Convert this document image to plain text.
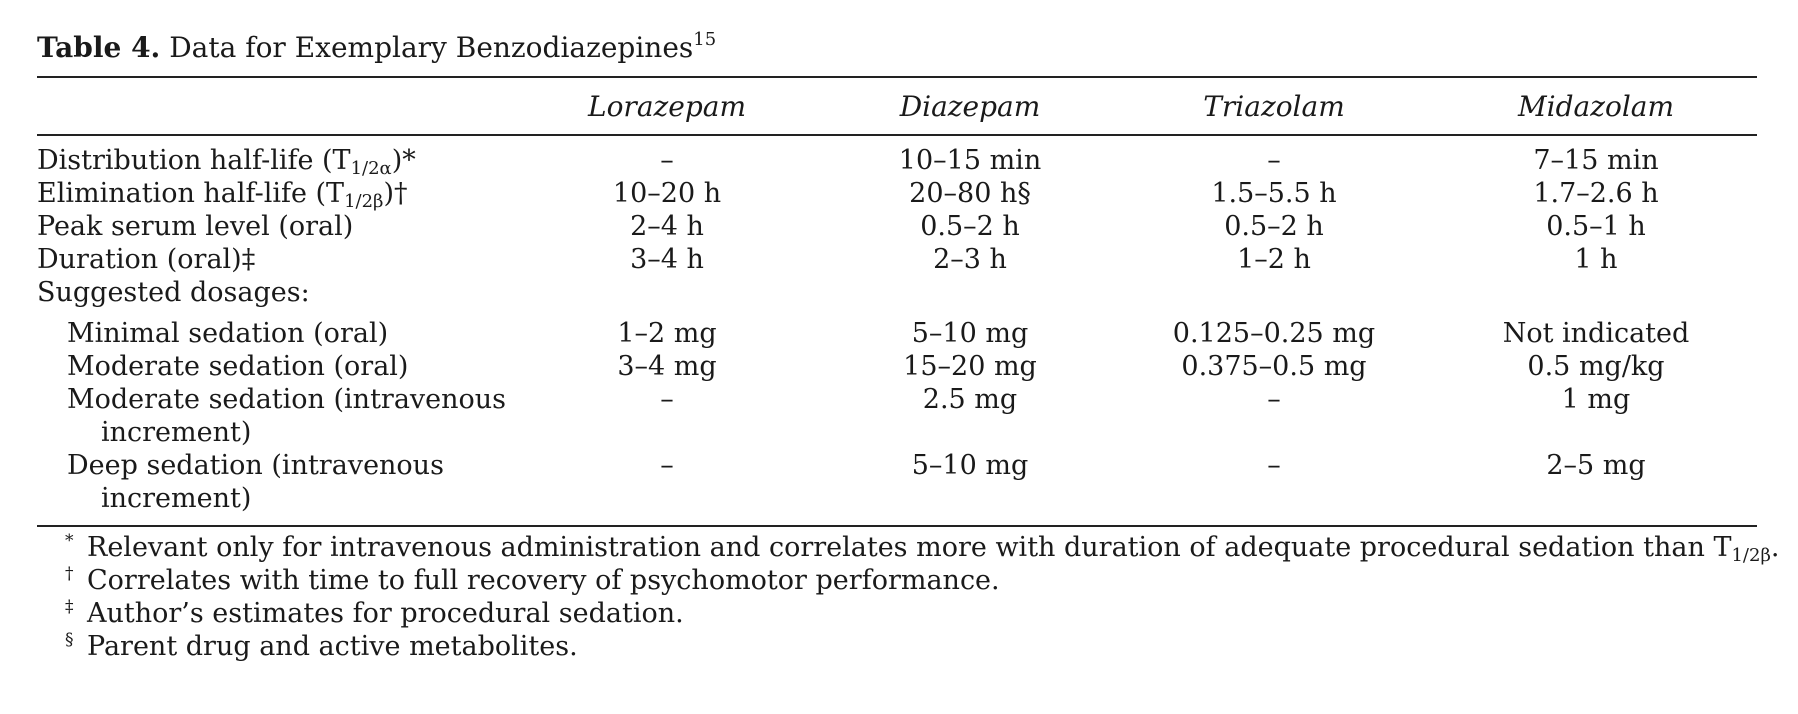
Table 4. Data for Exemplary Benzodiazepines$^{15}$
	Lorazepam	Diazepam	Triazolam	Midazolam
Distribution half-life $(T_{1/2\alpha})*$	–	10–15 min	–	7–15 min
Elimination half-life $(T_{1/2\beta})\dagger$	10–20 h	20–80 h§	1.5–5.5 h	1.7–2.6 h
Peak serum level (oral)	2–4 h	0.5–2 h	0.5–2 h	0.5–1 h
Duration (oral)‡	3–4 h	2–3 h	1–2 h	1 h
Suggested dosages:				
Minimal sedation (oral)	1–2 mg	5–10 mg	0.125–0.25 mg	Not indicated
Moderate sedation (oral)	3–4 mg	15–20 mg	0.375–0.5 mg	0.5 mg/kg

Moderate sedation (intravenous increment)	–	2.5 mg	–	1 mg

Deep sedation (intravenous increment)	–	5–10 mg	–	2–5 mg
* Relevant only for intravenous administration and correlates more with duration of adequate procedural sedation than $T_{1/2\beta}$.
† Correlates with time to full recovery of psychomotor performance.
‡ Author’s estimates for procedural sedation.
§ Parent drug and active metabolites.
